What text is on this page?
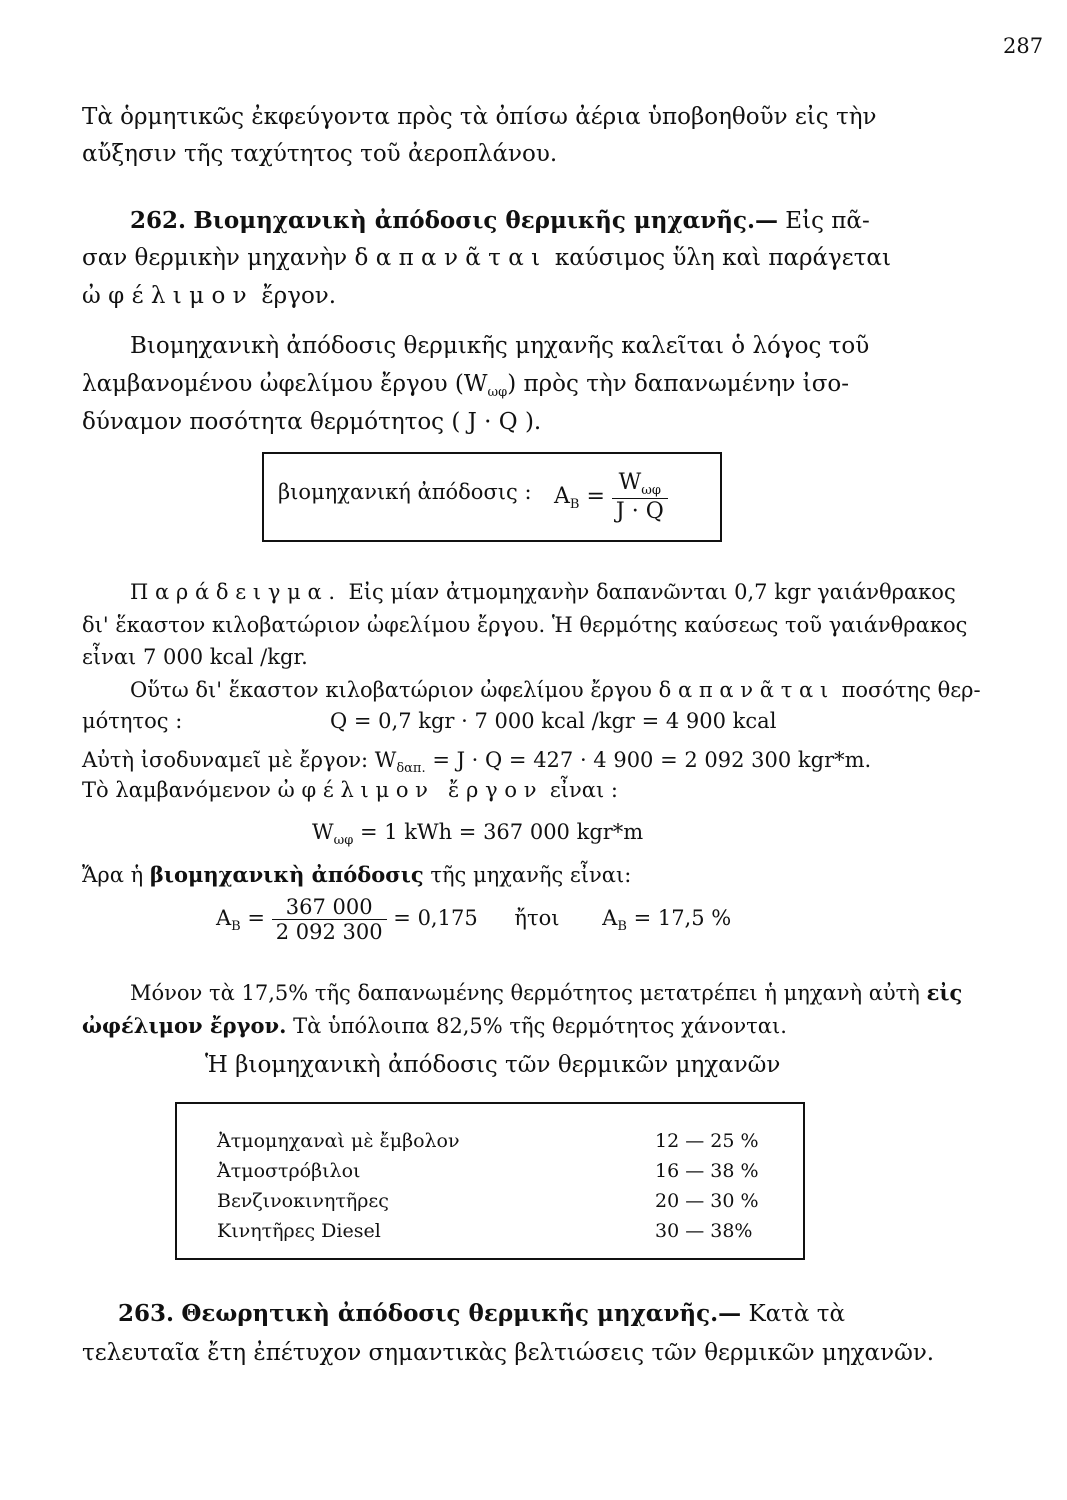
287
Τὰ ὁρμητικῶς ἐκφεύγοντα πρὸς τὰ ὀπίσω ἀέρια ὑποβοηθοῦν εἰς τὴν
αὔξησιν τῆς ταχύτητος τοῦ ἀεροπλάνου.
262. Βιομηχανικὴ ἀπόδοσις θερμικῆς μηχανῆς.— Εἰς πᾶ-
σαν θερμικὴν μηχανὴν δαπανᾶται καύσιμος ὕλη καὶ παράγεται
ὠφέλιμον ἔργον.
Βιομηχανικὴ ἀπόδοσις θερμικῆς μηχανῆς καλεῖται ὁ λόγος τοῦ
λαμβανομένου ὠφελίμου ἔργου $(W_{\omega\varphi})$ πρὸς τὴν δαπανωμένην ἰσο-
δύναμον ποσότητα θερμότητος ( J · Q ).
βιομηχανική ἀπόδοσις : $A_B = \frac{W_{\omega\varphi}}{J \cdot Q}$
Παράδειγμα. Εἰς μίαν ἀτμομηχανὴν δαπανῶνται 0,7 kgr γαιάνθρακος
δι' ἕκαστον κιλοβατώριον ὠφελίμου ἔργου. Ἡ θερμότης καύσεως τοῦ γαιάνθρακος
εἶναι 7 000 kcal /kgr.
Οὕτω δι' ἕκαστον κιλοβατώριον ὠφελίμου ἔργου δαπανᾶται ποσότης θερ-
μότητος :	Q = 0,7 kgr · 7 000 kcal /kgr = 4 900 kcal
Αὐτὴ ἰσοδυναμεῖ μὲ ἔργον: $W_{\delta\alpha\pi.} = J \cdot Q = 427 \cdot 4$ 900 = 2 092 300 kgr*m.
Τὸ λαμβανόμενον ὠφέλιμον ἔργον εἶναι :
$W_{\omega\varphi} = 1$ kWh = 367 000 kgr*m
Ἄρα ἡ βιομηχανικὴ ἀπόδοσις τῆς μηχανῆς εἶναι:
$A_B = \frac{367 000}{2 092 300} = 0,175$ ἤτοι $A_B = 17,5$ %
Μόνον τὰ 17,5% τῆς δαπανωμένης θερμότητος μετατρέπει ἡ μηχανὴ αὐτὴ εἰς
ὠφέλιμον ἔργον. Τὰ ὑπόλοιπα 82,5% τῆς θερμότητος χάνονται.
Ἡ βιομηχανικὴ ἀπόδοσις τῶν θερμικῶν μηχανῶν
Ἀτμομηχαναὶ μὲ ἔμβολον	12 — 25 %
Ἀτμοστρόβιλοι	16 — 38 %
Βενζινοκινητῆρες	20 — 30 %
Κινητῆρες Diesel	30 — 38%
263. Θεωρητικὴ ἀπόδοσις θερμικῆς μηχανῆς.— Κατὰ τὰ
τελευταῖα ἔτη ἐπέτυχον σημαντικὰς βελτιώσεις τῶν θερμικῶν μηχανῶν.
